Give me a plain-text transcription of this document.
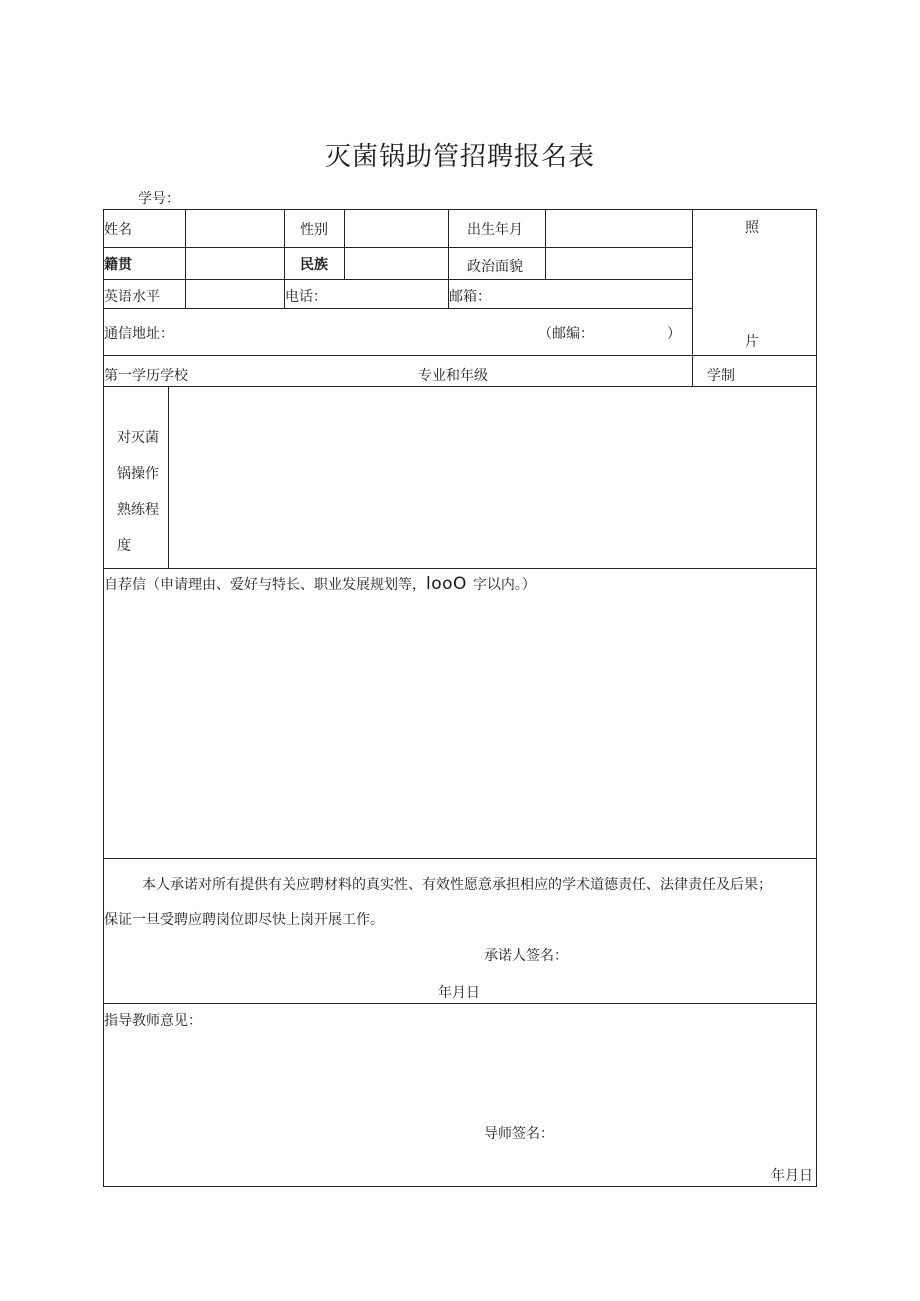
灭菌锅助管招聘报名表
学号：
姓名	性别	出生年月
籍贯	民族	政治面貌
英语水平	电话：	邮箱：
通信地址：	（邮编：	）
照
片
第一学历学校	专业和年级	学制
对灭菌
锅操作
熟练程
度
自荐信（申请理由、爱好与特长、职业发展规划等，looO 字以内。）
本人承诺对所有提供有关应聘材料的真实性、有效性愿意承担相应的学术道德责任、法律责任及后果；
保证一旦受聘应聘岗位即尽快上岗开展工作。
承诺人签名：
年月日
指导教师意见：
导师签名：
年月日
